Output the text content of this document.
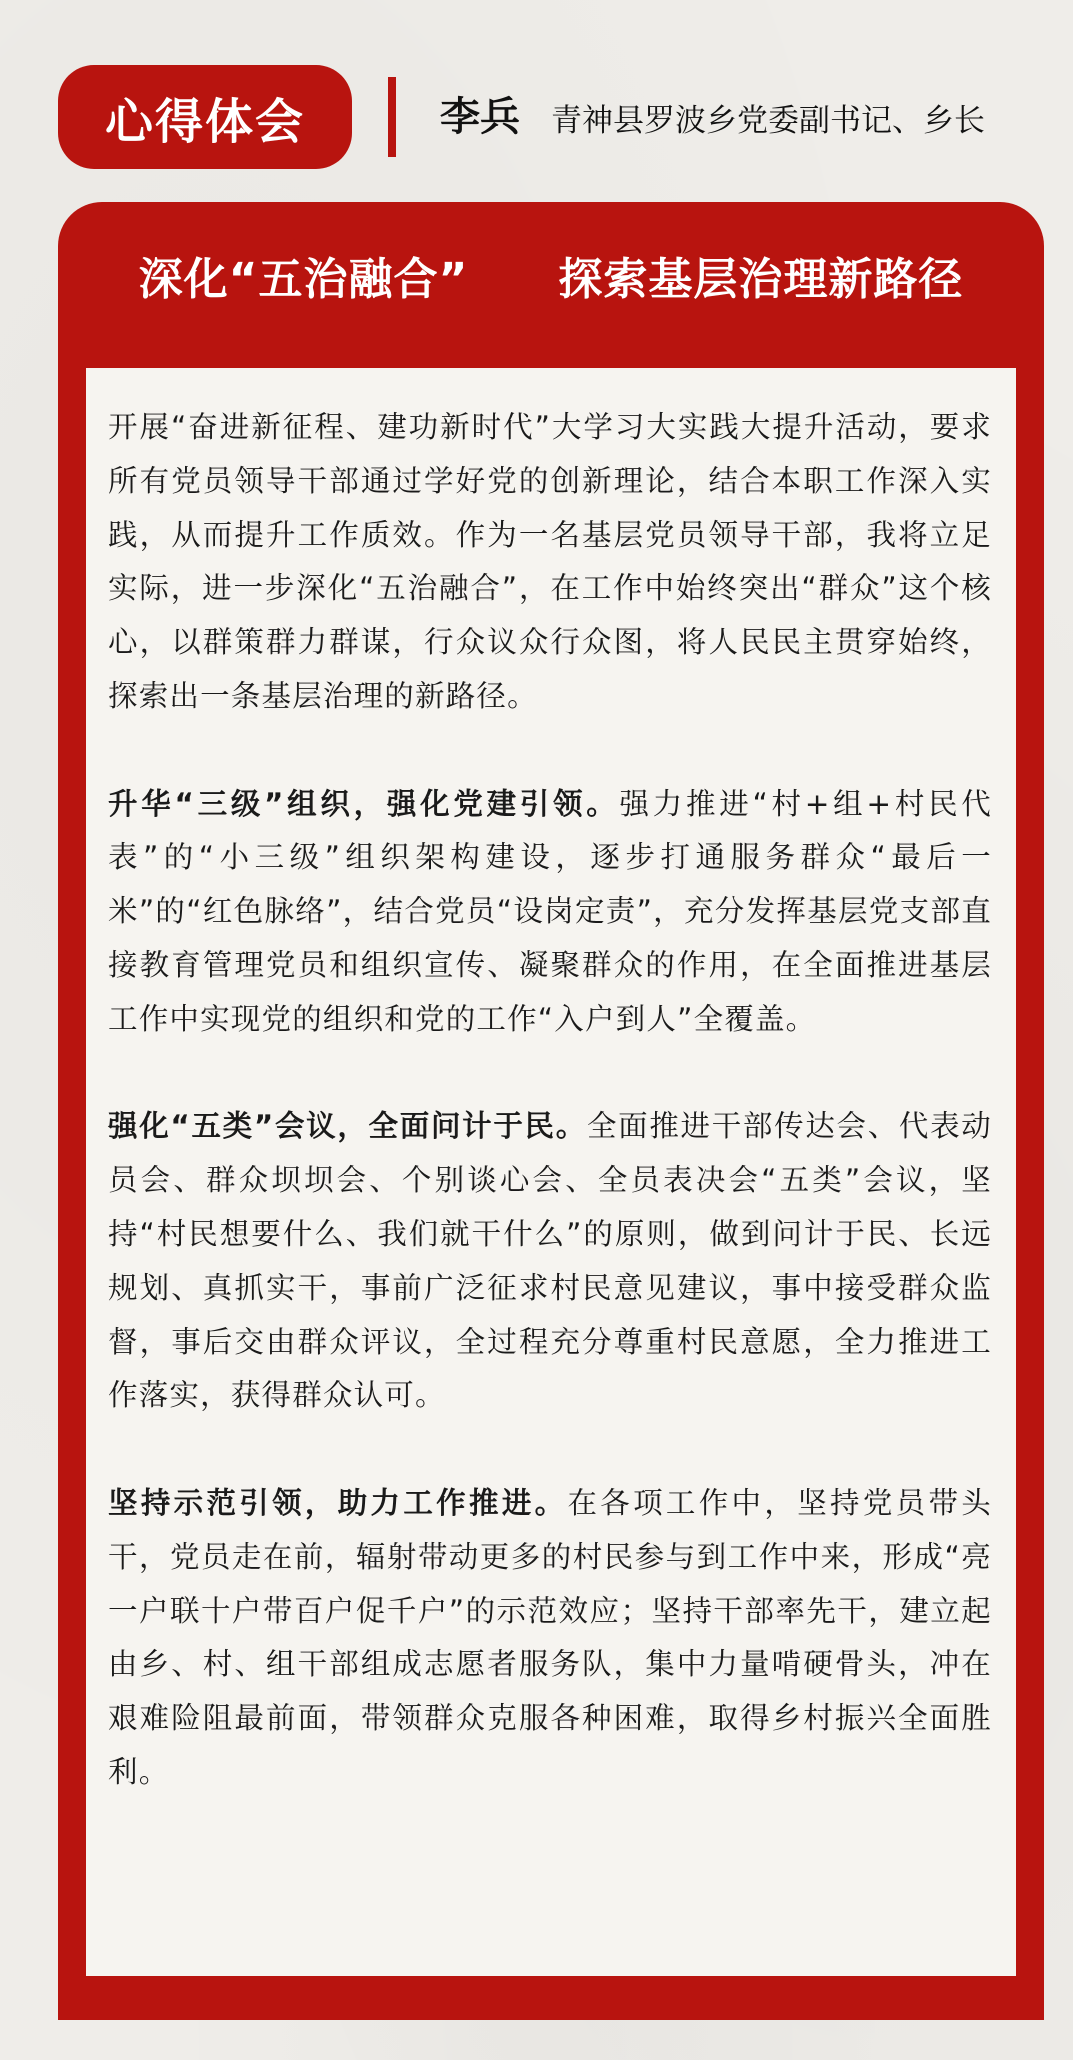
心得体会	李兵 青神县罗波乡党委副书记、乡长
深化“五治融合”　　探索基层治理新路径

开展“奋进新征程、建功新时代”大学习大实践大提升活动，要求所有党员领导干部通过学好党的创新理论，结合本职工作深入实践，从而提升工作质效。作为一名基层党员领导干部，我将立足实际，进一步深化“五治融合”，在工作中始终突出“群众”这个核心，以群策群力群谋，行众议众行众图，将人民民主贯穿始终，探索出一条基层治理的新路径。

升华“三级”组织，强化党建引领。强力推进“村+组+村民代表”的“小三级”组织架构建设，逐步打通服务群众“最后一米”的“红色脉络”，结合党员“设岗定责”，充分发挥基层党支部直接教育管理党员和组织宣传、凝聚群众的作用，在全面推进基层工作中实现党的组织和党的工作“入户到人”全覆盖。

强化“五类”会议，全面问计于民。全面推进干部传达会、代表动员会、群众坝坝会、个别谈心会、全员表决会“五类”会议，坚持“村民想要什么、我们就干什么”的原则，做到问计于民、长远规划、真抓实干，事前广泛征求村民意见建议，事中接受群众监督，事后交由群众评议，全过程充分尊重村民意愿，全力推进工作落实，获得群众认可。

坚持示范引领，助力工作推进。在各项工作中，坚持党员带头干，党员走在前，辐射带动更多的村民参与到工作中来，形成“亮一户联十户带百户促千户”的示范效应；坚持干部率先干，建立起由乡、村、组干部组成志愿者服务队，集中力量啃硬骨头，冲在艰难险阻最前面，带领群众克服各种困难，取得乡村振兴全面胜利。
